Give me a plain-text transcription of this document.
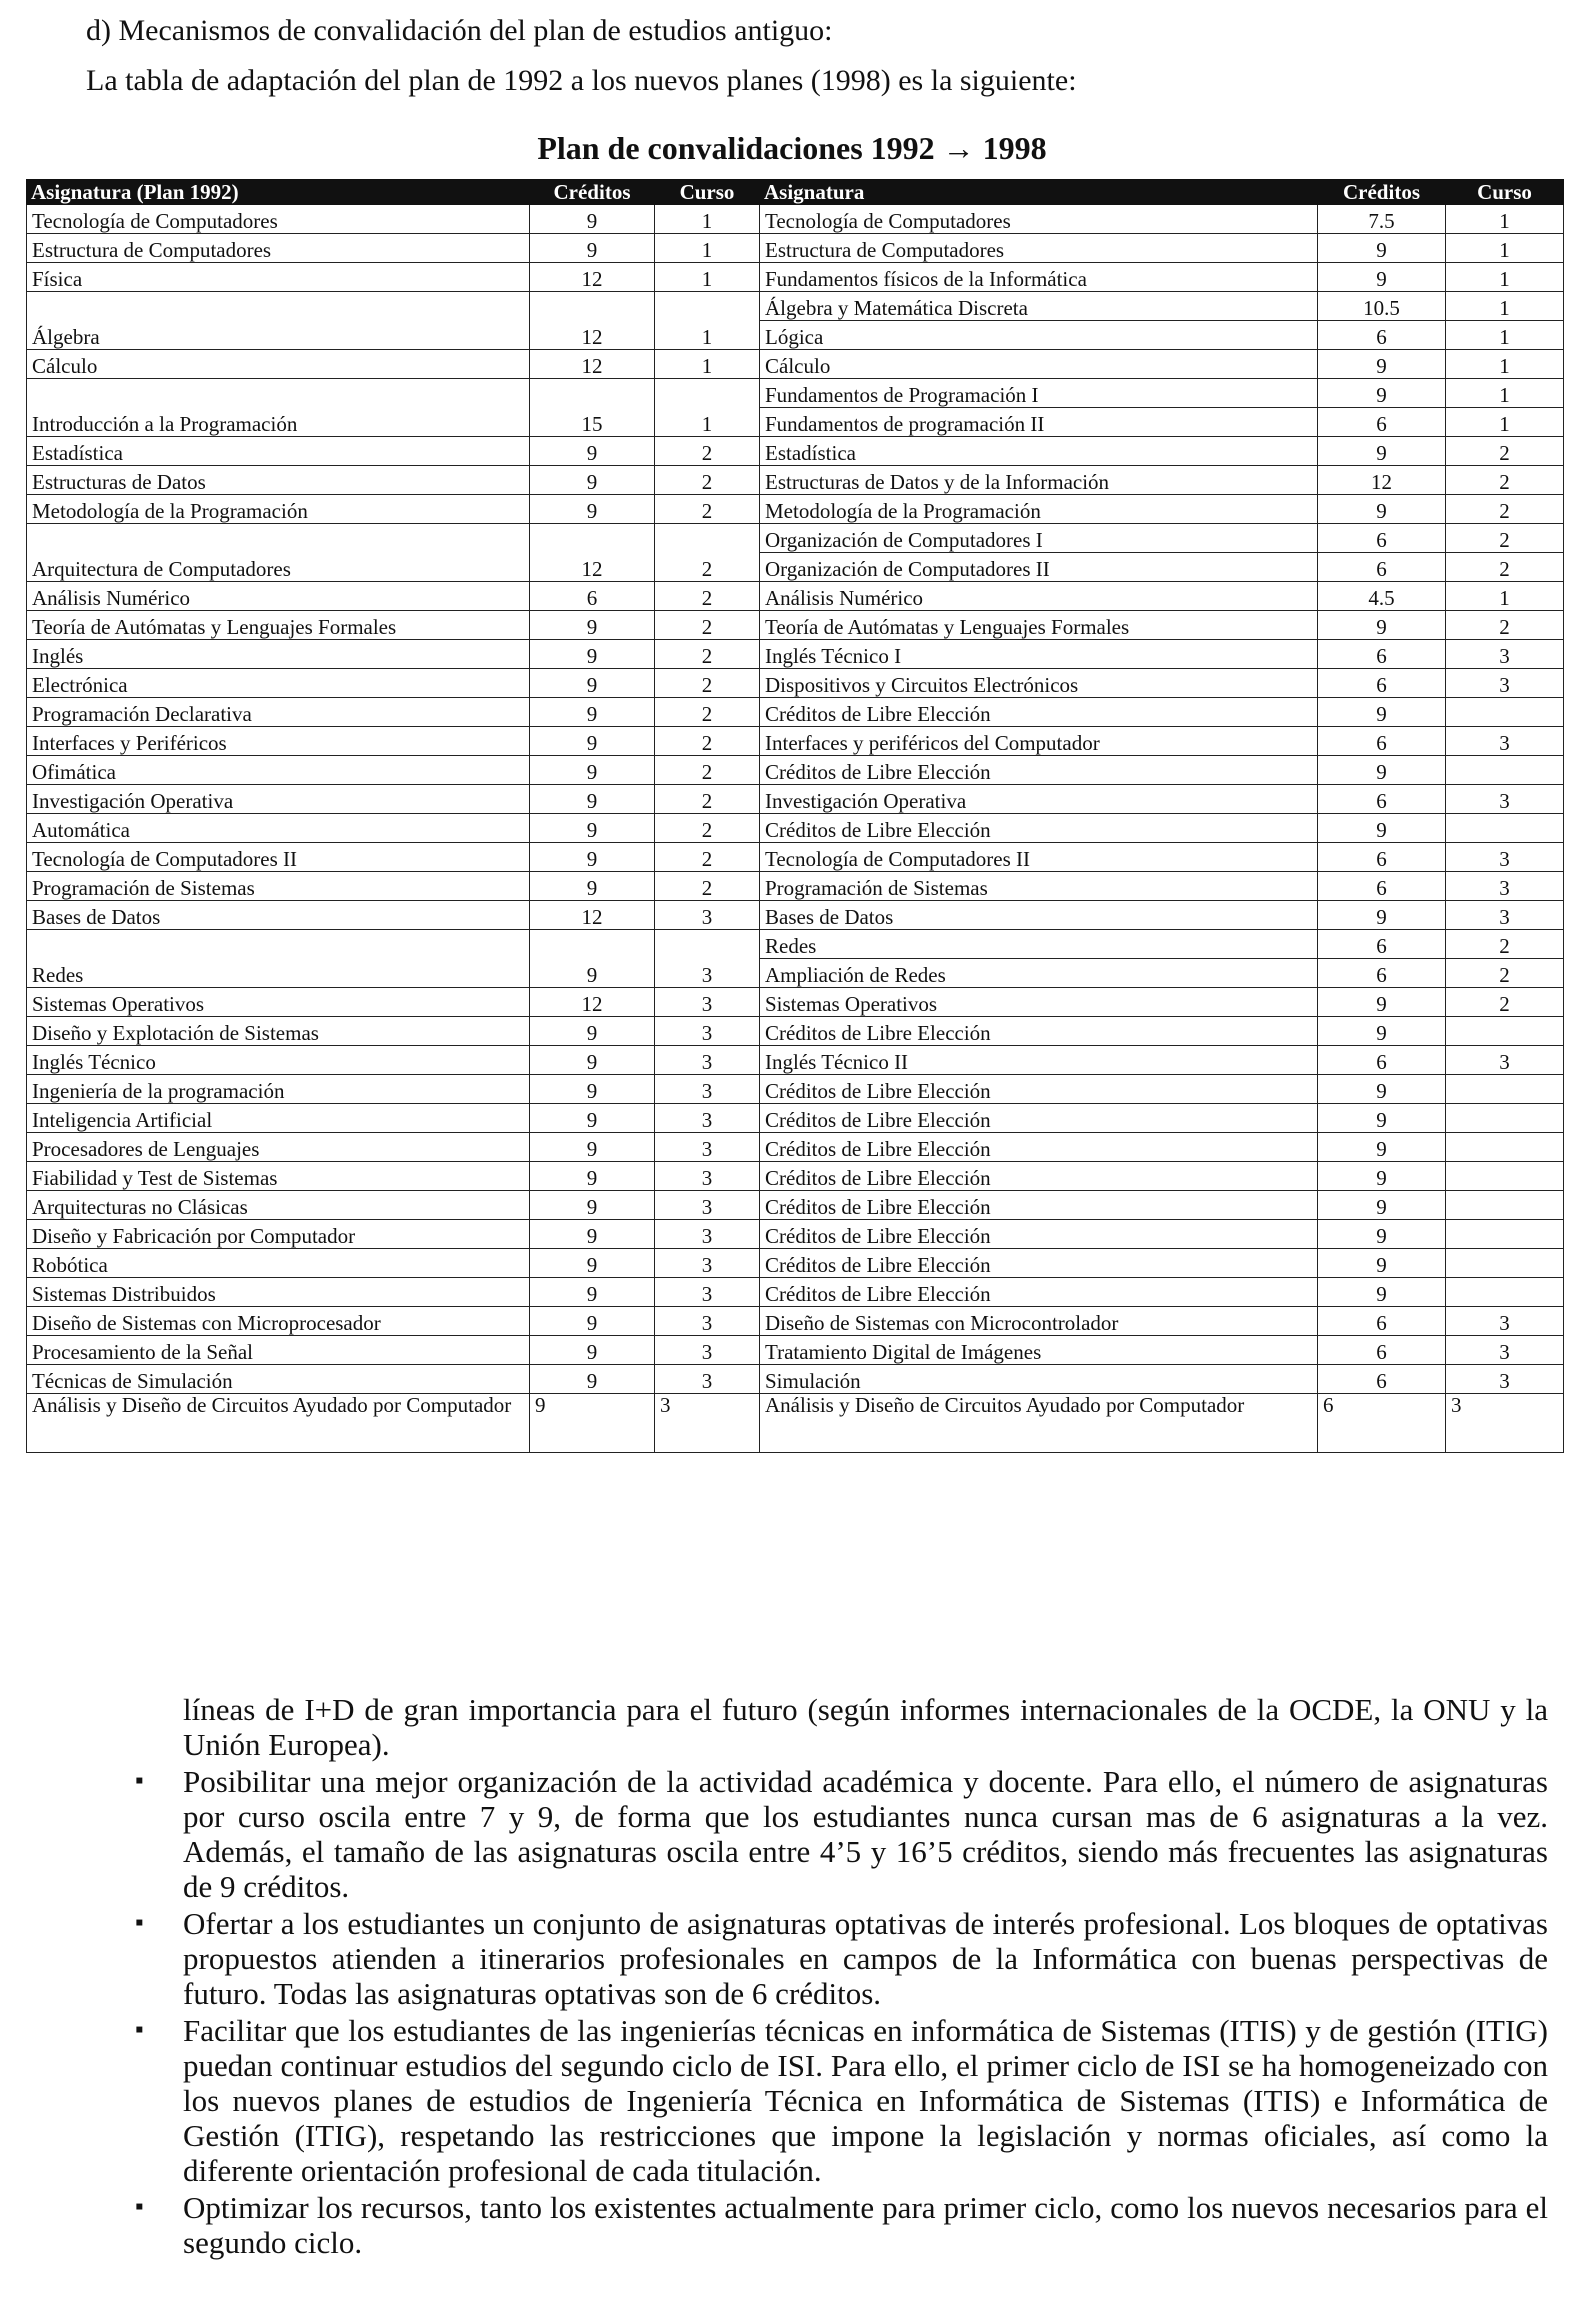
d) Mecanismos de convalidación del plan de estudios antiguo:
La tabla de adaptación del plan de 1992 a los nuevos planes (1998) es la siguiente:
Plan de convalidaciones 1992 → 1998
Asignatura (Plan 1992)	Créditos	Curso	Asignatura	Créditos	Curso
Tecnología de Computadores	9	1	Tecnología de Computadores	7.5	1
Estructura de Computadores	9	1	Estructura de Computadores	9	1
Física	12	1	Fundamentos físicos de la Informática	9	1
Álgebra	12	1	Álgebra y Matemática Discreta	10.5	1
			Lógica	6	1
Cálculo	12	1	Cálculo	9	1
Introducción a la Programación	15	1	Fundamentos de Programación I	9	1
			Fundamentos de programación II	6	1
Estadística	9	2	Estadística	9	2
Estructuras de Datos	9	2	Estructuras de Datos y de la Información	12	2
Metodología de la Programación	9	2	Metodología de la Programación	9	2
Arquitectura de Computadores	12	2	Organización de Computadores I	6	2
			Organización de Computadores II	6	2
Análisis Numérico	6	2	Análisis Numérico	4.5	1
Teoría de Autómatas y Lenguajes Formales	9	2	Teoría de Autómatas y Lenguajes Formales	9	2
Inglés	9	2	Inglés Técnico I	6	3
Electrónica	9	2	Dispositivos y Circuitos Electrónicos	6	3
Programación Declarativa	9	2	Créditos de Libre Elección	9	
Interfaces y Periféricos	9	2	Interfaces y periféricos del Computador	6	3
Ofimática	9	2	Créditos de Libre Elección	9	
Investigación Operativa	9	2	Investigación Operativa	6	3
Automática	9	2	Créditos de Libre Elección	9	
Tecnología de Computadores II	9	2	Tecnología de Computadores II	6	3
Programación de Sistemas	9	2	Programación de Sistemas	6	3
Bases de Datos	12	3	Bases de Datos	9	3
Redes	9	3	Redes	6	2
			Ampliación de Redes	6	2
Sistemas Operativos	12	3	Sistemas Operativos	9	2
Diseño y Explotación de Sistemas	9	3	Créditos de Libre Elección	9	
Inglés Técnico	9	3	Inglés Técnico II	6	3
Ingeniería de la programación	9	3	Créditos de Libre Elección	9	
Inteligencia Artificial	9	3	Créditos de Libre Elección	9	
Procesadores de Lenguajes	9	3	Créditos de Libre Elección	9	
Fiabilidad y Test de Sistemas	9	3	Créditos de Libre Elección	9	
Arquitecturas no Clásicas	9	3	Créditos de Libre Elección	9	
Diseño y Fabricación por Computador	9	3	Créditos de Libre Elección	9	
Robótica	9	3	Créditos de Libre Elección	9	
Sistemas Distribuidos	9	3	Créditos de Libre Elección	9	
Diseño de Sistemas con Microprocesador	9	3	Diseño de Sistemas con Microcontrolador	6	3
Procesamiento de la Señal	9	3	Tratamiento Digital de Imágenes	6	3
Técnicas de Simulación	9	3	Simulación	6	3
Análisis y Diseño de Circuitos Ayudado por Computador	9	3	Análisis y Diseño de Circuitos Ayudado por Computador	6	3
líneas de I+D de gran importancia para el futuro (según informes internacionales de la OCDE, la ONU y la Unión Europea).
▪ Posibilitar una mejor organización de la actividad académica y docente. Para ello, el número de asignaturas por curso oscila entre 7 y 9, de forma que los estudiantes nunca cursan mas de 6 asignaturas a la vez. Además, el tamaño de las asignaturas oscila entre 4’5 y 16’5 créditos, siendo más frecuentes las asignaturas de 9 créditos.
▪ Ofertar a los estudiantes un conjunto de asignaturas optativas de interés profesional. Los bloques de optativas propuestos atienden a itinerarios profesionales en campos de la Informática con buenas perspectivas de futuro. Todas las asignaturas optativas son de 6 créditos.
▪ Facilitar que los estudiantes de las ingenierías técnicas en informática de Sistemas (ITIS) y de gestión (ITIG) puedan continuar estudios del segundo ciclo de ISI. Para ello, el primer ciclo de ISI se ha homogeneizado con los nuevos planes de estudios de Ingeniería Técnica en Informática de Sistemas (ITIS) e Informática de Gestión (ITIG), respetando las restricciones que impone la legislación y normas oficiales, así como la diferente orientación profesional de cada titulación.
▪ Optimizar los recursos, tanto los existentes actualmente para primer ciclo, como los nuevos necesarios para el segundo ciclo.
